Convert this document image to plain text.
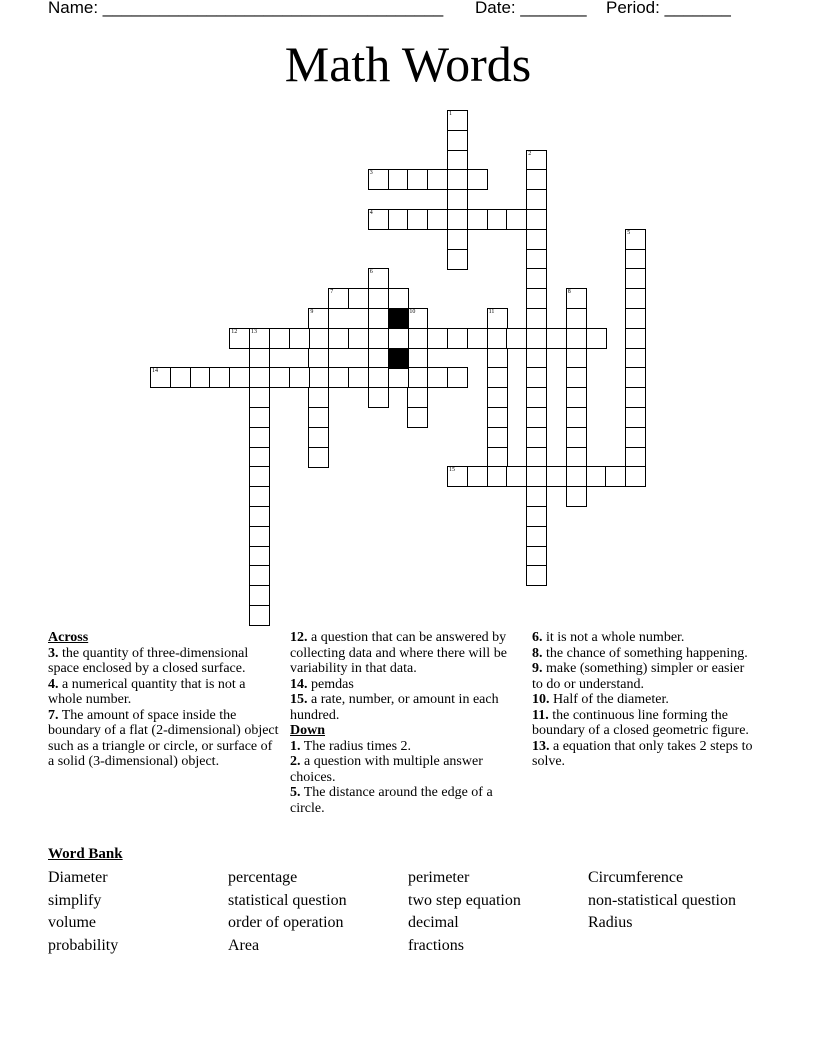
Name: ____________________________________ Date: _______ Period: _______
Math Words
1
2
3
4
5
6
7	8
9	10	11
12 13
14
15
Across
3. the quantity of three-dimensional space enclosed by a closed surface.
4. a numerical quantity that is not a whole number.
7. The amount of space inside the boundary of a flat (2-dimensional) object such as a triangle or circle, or surface of a solid (3-dimensional) object.
12. a question that can be answered by collecting data and where there will be variability in that data.
14. pemdas
15. a rate, number, or amount in each hundred.
Down
1. The radius times 2.
2. a question with multiple answer choices.
5. The distance around the edge of a circle.
6. it is not a whole number.
8. the chance of something happening.
9. make (something) simpler or easier to do or understand.
10. Half of the diameter.
11. the continuous line forming the boundary of a closed geometric figure.
13. a equation that only takes 2 steps to solve.
Word Bank
Diameter	percentage	perimeter	Circumference
simplify	statistical question	two step equation	non-statistical question
volume	order of operation	decimal	Radius
probability	Area	fractions
